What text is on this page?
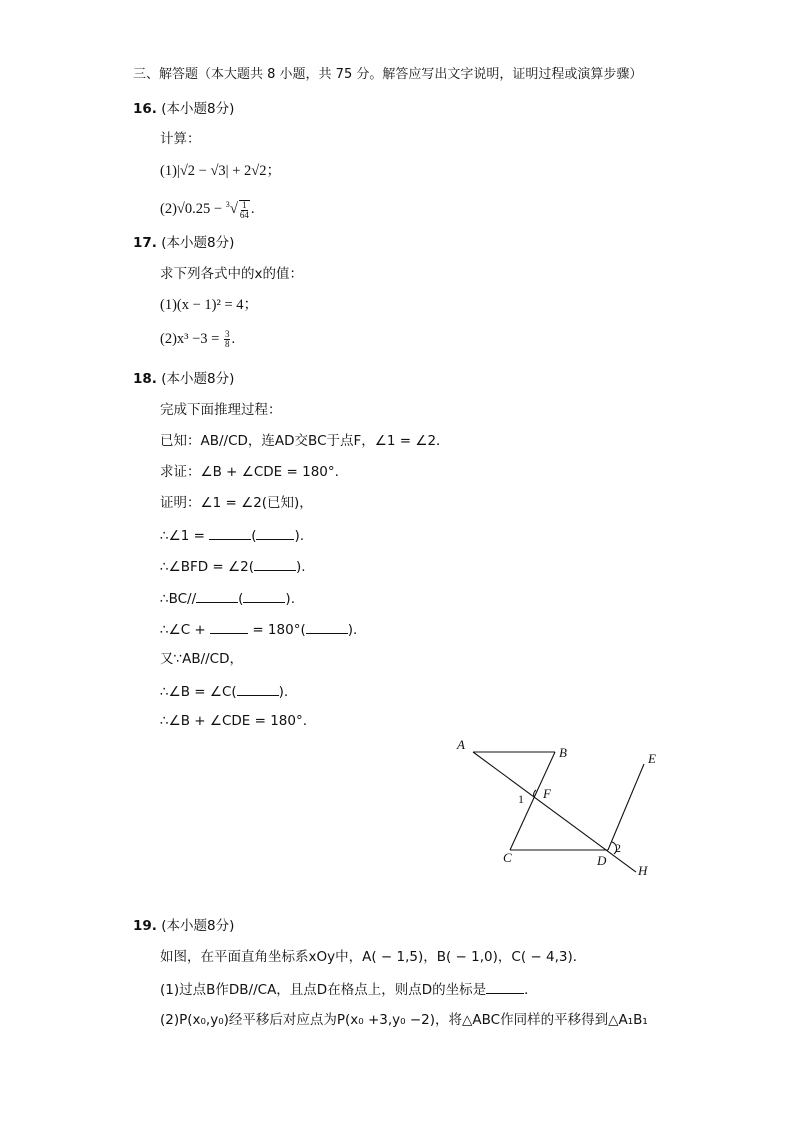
三、解答题（本大题共 8 小题，共 75 分。解答应写出文字说明，证明过程或演算步骤）
16. (本小题8分)
计算：
(1)|√2 − √3| + 2√2；
$(2)√0.25 - ^3√ \frac{1}{64}$ .
17. (本小题8分)
求下列各式中的x的值：
(1)(x − 1)² = 4；
$(2)x^3 -3 = \frac{3}{8}$ .
18. (本小题8分)
完成下面推理过程：
已知：AB//CD，连AD交BC于点F，∠1 = ∠2．
求证：∠B + ∠CDE = 180°.
证明：∠1 = ∠2(已知)，
∴∠1 =	(	).
∴∠BFD = ∠2(	).
∴BC//	(	).
∴∠C +	= 180°(	).
又∵AB//CD，
∴∠B = ∠C(	).
∴∠B + ∠CDE = 180°.
A
B
C	D
E
F
H
1
2
19. (本小题8分)
如图，在平面直角坐标系xOy中，A( − 1,5)，B( − 1,0)，C( − 4,3)．
(1)过点B作DB//CA，且点D在格点上，则点D的坐标是	．
(2)P(x₀,y₀)经平移后对应点为P(x₀ +3,y₀ −2)，将△ABC作同样的平移得到△A₁B₁
